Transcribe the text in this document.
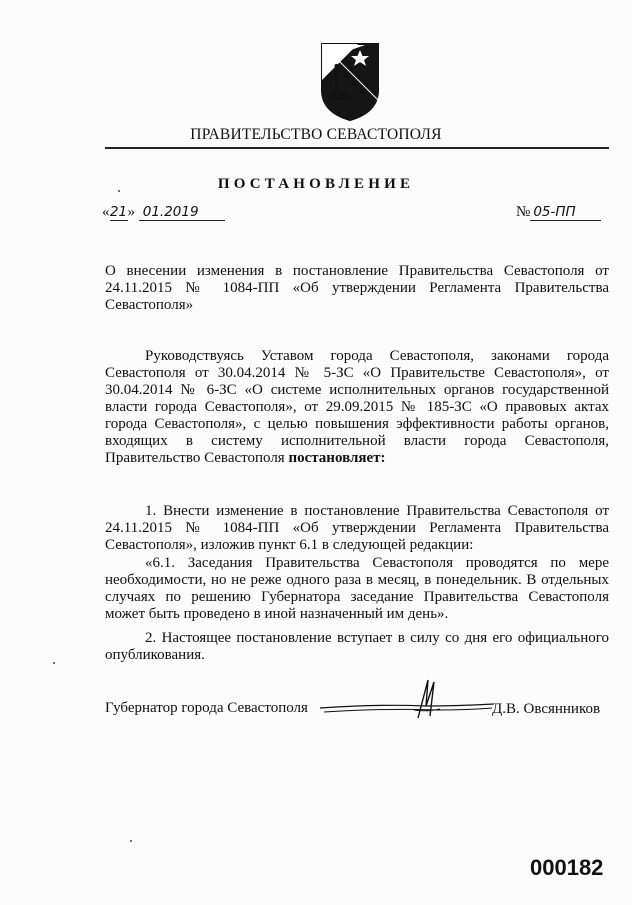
ПРАВИТЕЛЬСТВО СЕВАСТОПОЛЯ
ПОСТАНОВЛЕНИЕ
«21» 01.2019	№ 05-ПП

О внесении изменения в постановление Правительства Севастополя от 24.11.2015 № 1084-ПП «Об утверждении Регламента Правительства Севастополя»

Руководствуясь Уставом города Севастополя, законами города Севастополя от 30.04.2014 № 5-ЗС «О Правительстве Севастополя», от 30.04.2014 № 6-ЗС «О системе исполнительных органов государственной власти города Севастополя», от 29.09.2015 № 185-ЗС «О правовых актах города Севастополя», с целью повышения эффективности работы органов, входящих в систему исполнительной власти города Севастополя, Правительство Севастополя постановляет:

1. Внести изменение в постановление Правительства Севастополя от 24.11.2015 № 1084-ПП «Об утверждении Регламента Правительства Севастополя», изложив пункт 6.1 в следующей редакции:

«6.1. Заседания Правительства Севастополя проводятся по мере необходимости, но не реже одного раза в месяц, в понедельник. В отдельных случаях по решению Губернатора заседание Правительства Севастополя может быть проведено в иной назначенный им день».

2. Настоящее постановление вступает в силу со дня его официального опубликования.

Губернатор города Севастополя	Д.В. Овсянников
000182
